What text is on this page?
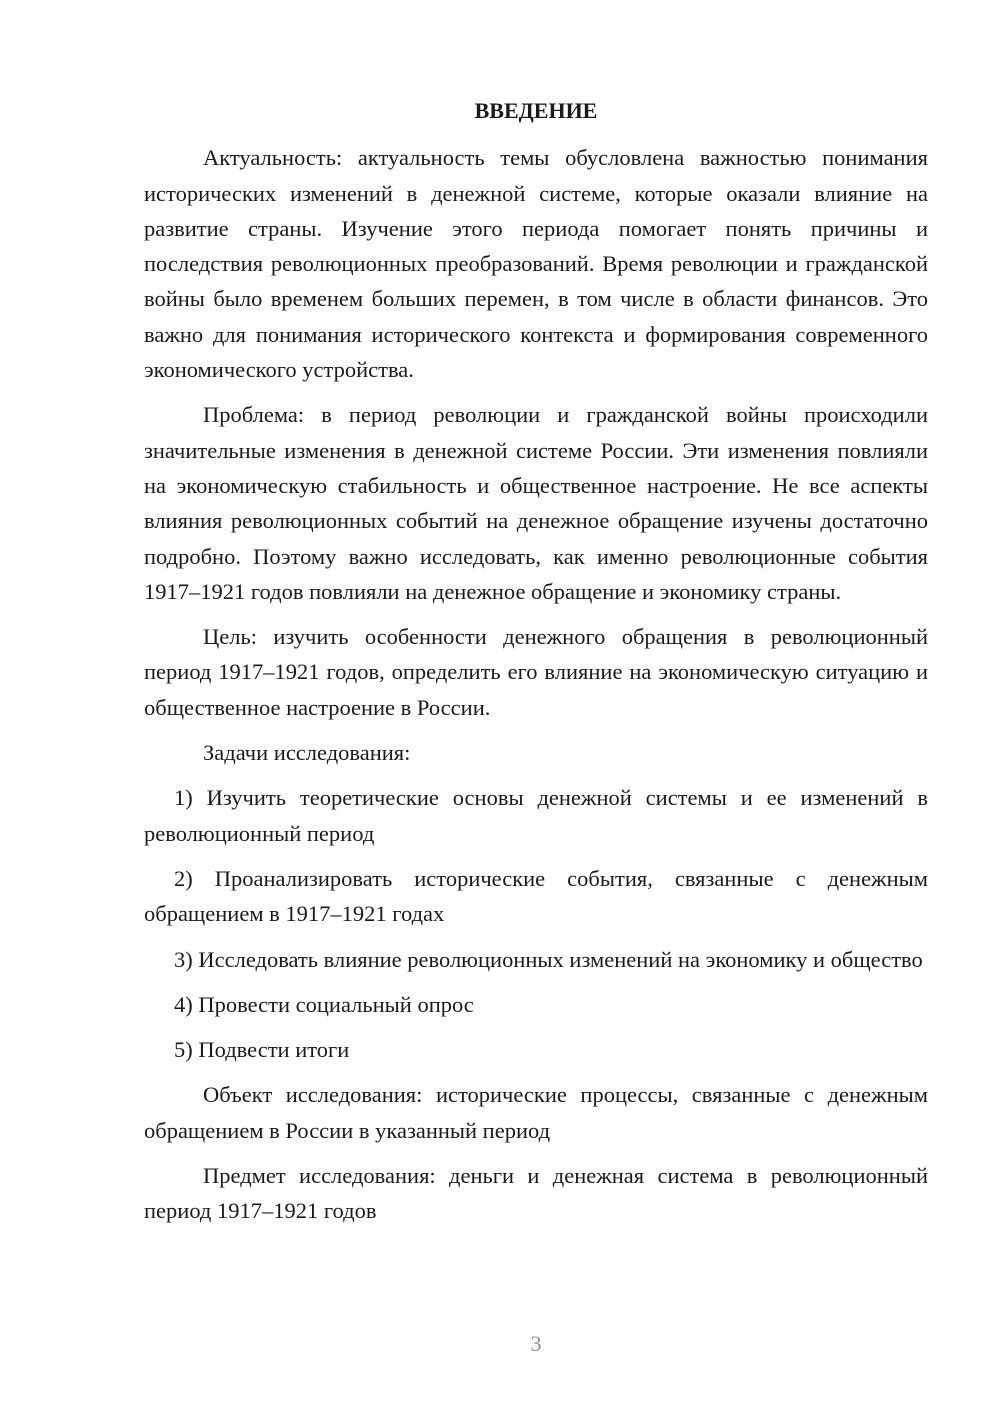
ВВЕДЕНИЕ

Актуальность: актуальность темы обусловлена важностью понимания исторических изменений в денежной системе, которые оказали влияние на развитие страны. Изучение этого периода помогает понять причины и последствия революционных преобразований. Время революции и гражданской войны было временем больших перемен, в том числе в области финансов. Это важно для понимания исторического контекста и формирования современного экономического устройства.

Проблема: в период революции и гражданской войны происходили значительные изменения в денежной системе России. Эти изменения повлияли на экономическую стабильность и общественное настроение. Не все аспекты влияния революционных событий на денежное обращение изучены достаточно подробно. Поэтому важно исследовать, как именно революционные события 1917–1921 годов повлияли на денежное обращение и экономику страны.

Цель: изучить особенности денежного обращения в революционный период 1917–1921 годов, определить его влияние на экономическую ситуацию и общественное настроение в России.

Задачи исследования:

1) Изучить теоретические основы денежной системы и ее изменений в революционный период

2) Проанализировать исторические события, связанные с денежным обращением в 1917–1921 годах

3) Исследовать влияние революционных изменений на экономику и общество

4) Провести социальный опрос

5) Подвести итоги

Объект исследования: исторические процессы, связанные с денежным обращением в России в указанный период

Предмет исследования: деньги и денежная система в революционный период 1917–1921 годов

3
